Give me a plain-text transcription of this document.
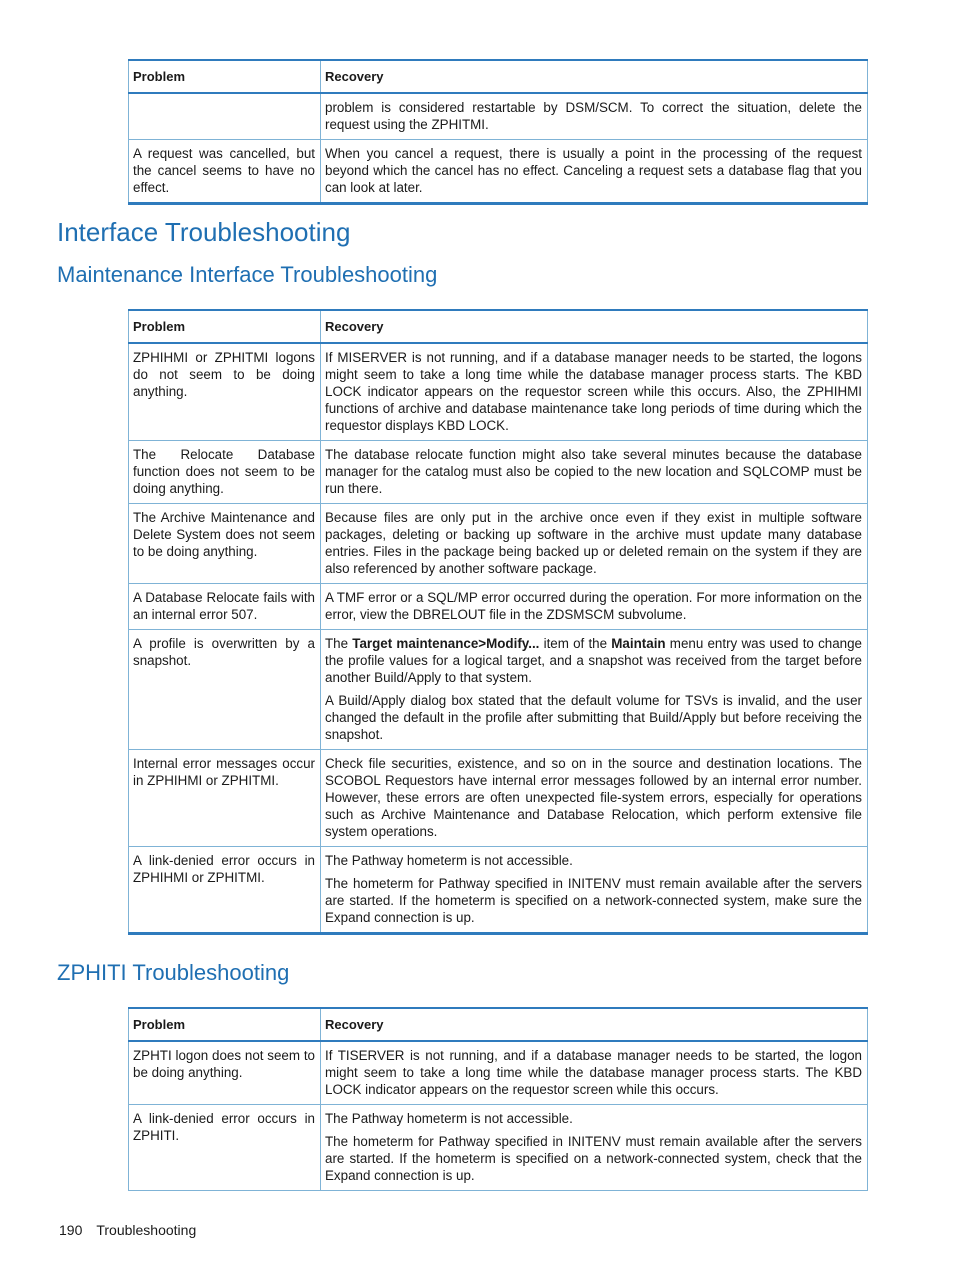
Problem	Recovery
	problem is considered restartable by DSM/SCM. To correct the situation, delete the request using the ZPHITMI.
A request was cancelled, but the cancel seems to have no effect.	When you cancel a request, there is usually a point in the processing of the request beyond which the cancel has no effect. Canceling a request sets a database flag that you can look at later.
Interface Troubleshooting
Maintenance Interface Troubleshooting
Problem	Recovery
ZPHIHMI or ZPHITMI logons do not seem to be doing anything.	If MISERVER is not running, and if a database manager needs to be started, the logons might seem to take a long time while the database manager process starts. The KBD LOCK indicator appears on the requestor screen while this occurs. Also, the ZPHIHMI functions of archive and database maintenance take long periods of time during which the requestor displays KBD LOCK.
The Relocate Database function does not seem to be doing anything.	The database relocate function might also take several minutes because the database manager for the catalog must also be copied to the new location and SQLCOMP must be run there.
The Archive Maintenance and Delete System does not seem to be doing anything.	Because files are only put in the archive once even if they exist in multiple software packages, deleting or backing up software in the archive must update many database entries. Files in the package being backed up or deleted remain on the system if they are also referenced by another software package.
A Database Relocate fails with an internal error 507.	A TMF error or a SQL/MP error occurred during the operation. For more information on the error, view the DBRELOUT file in the ZDSMSCM subvolume.
A profile is overwritten by a snapshot.	The Target maintenance>Modify... item of the Maintain menu entry was used to change the profile values for a logical target, and a snapshot was received from the target before another Build/Apply to that system.

A Build/Apply dialog box stated that the default volume for TSVs is invalid, and the user changed the default in the profile after submitting that Build/Apply but before receiving the snapshot.

Internal error messages occur in ZPHIHMI or ZPHITMI.	Check file securities, existence, and so on in the source and destination locations. The SCOBOL Requestors have internal error messages followed by an internal error number. However, these errors are often unexpected file-system errors, especially for operations such as Archive Maintenance and Database Relocation, which perform extensive file system operations.
A link-denied error occurs in ZPHIHMI or ZPHITMI.	The Pathway hometerm is not accessible.

The hometerm for Pathway specified in INITENV must remain available after the servers are started. If the hometerm is specified on a network-connected system, make sure the Expand connection is up.

ZPHITI Troubleshooting
Problem	Recovery
ZPHTI logon does not seem to be doing anything.	If TISERVER is not running, and if a database manager needs to be started, the logon might seem to take a long time while the database manager process starts. The KBD LOCK indicator appears on the requestor screen while this occurs.
A link-denied error occurs in ZPHITI.	The Pathway hometerm is not accessible.

The hometerm for Pathway specified in INITENV must remain available after the servers are started. If the hometerm is specified on a network-connected system, check that the Expand connection is up.

190 Troubleshooting
